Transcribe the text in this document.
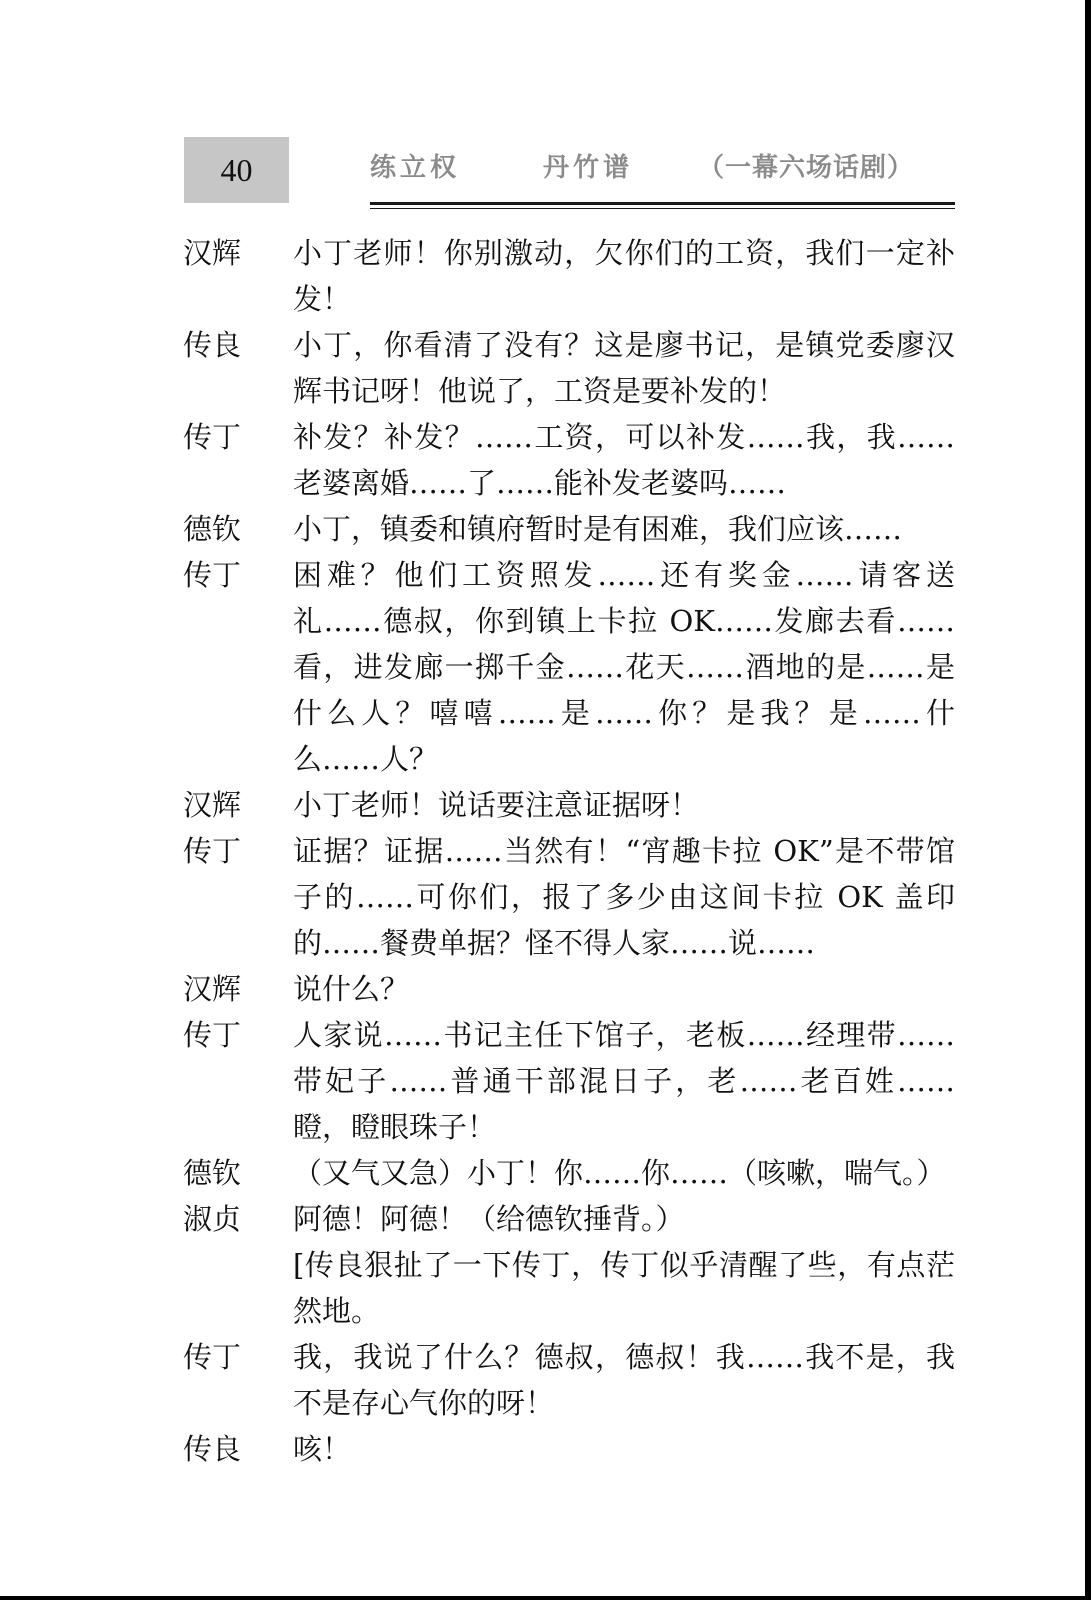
40	练立权	丹竹谱 （一幕六场话剧）
汉辉	小丁老师！你别激动，欠你们的工资，我们一定补
发！
传良	小丁，你看清了没有？这是廖书记，是镇党委廖汉
辉书记呀！他说了，工资是要补发的！
传丁	补发？补发？……工资，可以补发……我，我……
老婆离婚……了……能补发老婆吗……
德钦	小丁，镇委和镇府暂时是有困难，我们应该……
传丁	困难？他们工资照发……还有奖金……请客送
礼……德叔，你到镇上卡拉 OK……发廊去看……
看，进发廊一掷千金……花天……酒地的是……是
什么人？嘻嘻……是……你？是我？是……什
么……人？
汉辉	小丁老师！说话要注意证据呀！
传丁	证据？证据……当然有！“宵趣卡拉 OK”是不带馆
子的……可你们，报了多少由这间卡拉 OK 盖印
的……餐费单据？怪不得人家……说……
汉辉	说什么？
传丁	人家说……书记主任下馆子，老板……经理带……
带妃子……普通干部混日子，老……老百姓……
瞪，瞪眼珠子！
德钦	（又气又急）小丁！你……你……（咳嗽，喘气。）
淑贞	阿德！阿德！（给德钦捶背。）
[传良狠扯了一下传丁，传丁似乎清醒了些，有点茫
然地。
传丁	我，我说了什么？德叔，德叔！我……我不是，我
不是存心气你的呀！
传良	咳！
